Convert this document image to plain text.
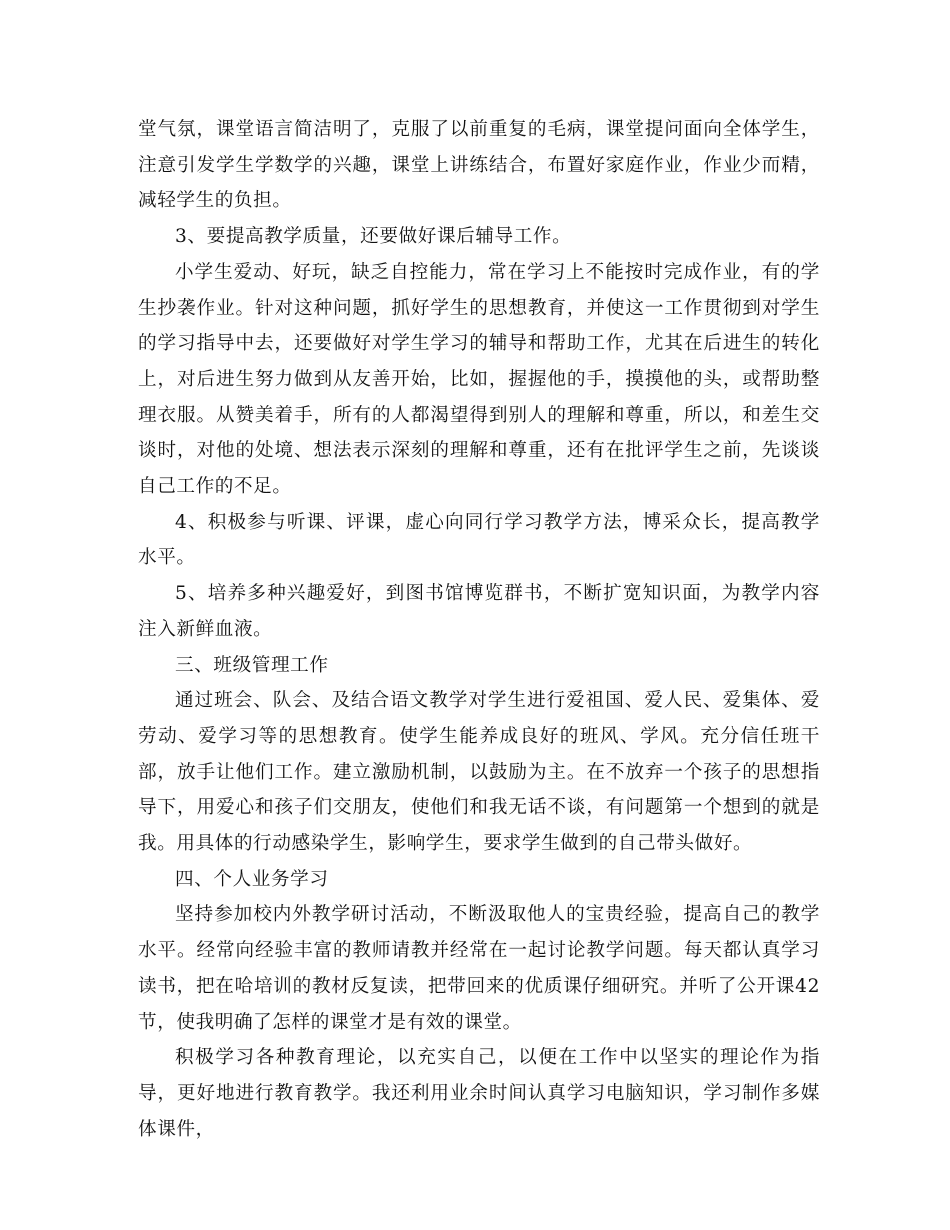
堂气氛，课堂语言简洁明了，克服了以前重复的毛病，课堂提问面向全体学生，注意引发学生学数学的兴趣，课堂上讲练结合，布置好家庭作业，作业少而精，减轻学生的负担。

3、要提高教学质量，还要做好课后辅导工作。

小学生爱动、好玩，缺乏自控能力，常在学习上不能按时完成作业，有的学生抄袭作业。针对这种问题，抓好学生的思想教育，并使这一工作贯彻到对学生的学习指导中去，还要做好对学生学习的辅导和帮助工作，尤其在后进生的转化上，对后进生努力做到从友善开始，比如，握握他的手，摸摸他的头，或帮助整理衣服。从赞美着手，所有的人都渴望得到别人的理解和尊重，所以，和差生交谈时，对他的处境、想法表示深刻的理解和尊重，还有在批评学生之前，先谈谈自己工作的不足。

4、积极参与听课、评课，虚心向同行学习教学方法，博采众长，提高教学水平。

5、培养多种兴趣爱好，到图书馆博览群书，不断扩宽知识面，为教学内容注入新鲜血液。

三、班级管理工作

通过班会、队会、及结合语文教学对学生进行爱祖国、爱人民、爱集体、爱劳动、爱学习等的思想教育。使学生能养成良好的班风、学风。充分信任班干部，放手让他们工作。建立激励机制，以鼓励为主。在不放弃一个孩子的思想指导下，用爱心和孩子们交朋友，使他们和我无话不谈，有问题第一个想到的就是我。用具体的行动感染学生，影响学生，要求学生做到的自己带头做好。

四、个人业务学习

坚持参加校内外教学研讨活动，不断汲取他人的宝贵经验，提高自己的教学水平。经常向经验丰富的教师请教并经常在一起讨论教学问题。每天都认真学习读书，把在哈培训的教材反复读，把带回来的优质课仔细研究。并听了公开课42节，使我明确了怎样的课堂才是有效的课堂。

积极学习各种教育理论，以充实自己，以便在工作中以坚实的理论作为指导，更好地进行教育教学。我还利用业余时间认真学习电脑知识，学习制作多媒体课件，
